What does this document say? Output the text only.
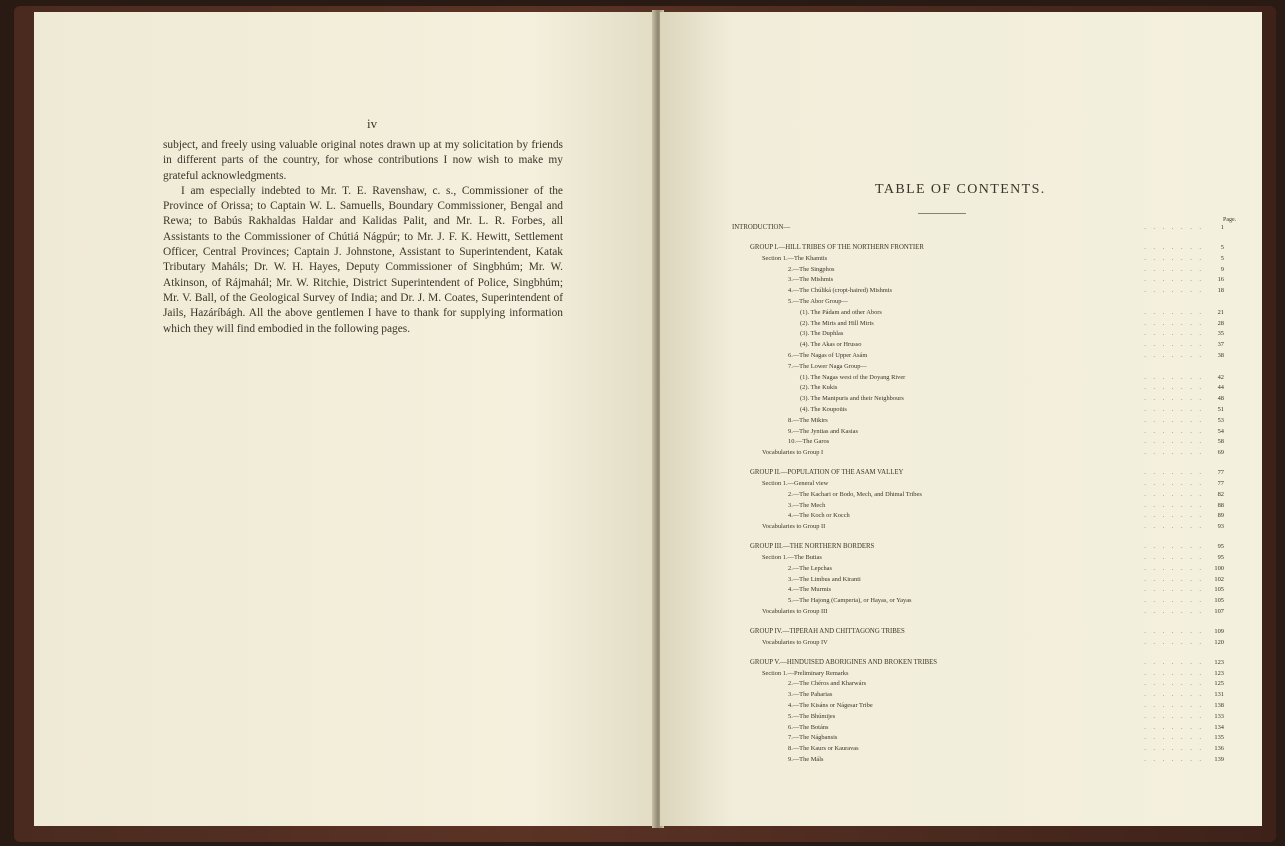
iv

subject, and freely using valuable original notes drawn up at my solicitation by friends in different parts of the country, for whose contributions I now wish to make my grateful acknowledgments.

I am especially indebted to Mr. T. E. Ravenshaw, c. s., Commissioner of the Province of Orissa; to Captain W. L. Samuells, Boundary Commissioner, Bengal and Rewa; to Babús Rakhaldas Haldar and Kalidas Palit, and Mr. L. R. Forbes, all Assistants to the Commissioner of Chútiá Nágpúr; to Mr. J. F. K. Hewitt, Settlement Officer, Central Provinces; Captain J. Johnstone, Assistant to Superintendent, Katak Tributary Maháls; Dr. W. H. Hayes, Deputy Commissioner of Singbhúm; Mr. W. Atkinson, of Rájmahál; Mr. W. Ritchie, District Superintendent of Police, Singbhúm; Mr. V. Ball, of the Geological Survey of India; and Dr. J. M. Coates, Superintendent of Jails, Hazáríbágh. All the above gentlemen I have to thank for supplying information which they will find embodied in the following pages.

TABLE OF CONTENTS.
Page.
INTRODUCTION—	. . . . . . .	1
GROUP I.—HILL TRIBES OF THE NORTHERN FRONTIER	. . . . . . .	5
Section 1.—The Khamtis	. . . . . . .	5
2.—The Singphos	. . . . . . .	9
3.—The Mishmis	. . . . . . .	16
4.—The Chúliká (cropt-haired) Mishmis	. . . . . . .	18
5.—The Abor Group—
(1). The Pádam and other Abors	. . . . . . .	21
(2). The Miris and Hill Miris	. . . . . . .	28
(3). The Duphlas	. . . . . . .	35
(4). The Akas or Hrusso	. . . . . . .	37
6.—The Nagas of Upper Asám	. . . . . . .	38
7.—The Lower Naga Group—
(1). The Nagas west of the Doyang River	. . . . . . .	42
(2). The Kukis	. . . . . . .	44
(3). The Manipuris and their Neighbours	. . . . . . .	48
(4). The Koupoüis	. . . . . . .	51
8.—The Mikirs	. . . . . . .	53
9.—The Jyntias and Kasias	. . . . . . .	54
10.—The Garos	. . . . . . .	58
Vocabularies to Group I	. . . . . . .	69
GROUP II.—POPULATION OF THE ASAM VALLEY	. . . . . . .	77
Section 1.—General view	. . . . . . .	77
2.—The Kachari or Bodo, Mech, and Dhimal Tribes	. . . . . . .	82
3.—The Mech	. . . . . . .	88
4.—The Koch or Kocch	. . . . . . .	89
Vocabularies to Group II	. . . . . . .	93
GROUP III.—THE NORTHERN BORDERS	. . . . . . .	95
Section 1.—The Butias	. . . . . . .	95
2.—The Lepchas	. . . . . . .	100
3.—The Limbus and Kiranti	. . . . . . .	102
4.—The Murmis	. . . . . . .	105
5.—The Hajong (Camperia), or Hayas, or Yayas	. . . . . . .	105
Vocabularies to Group III	. . . . . . .	107
GROUP IV.—TIPERAH AND CHITTAGONG TRIBES	. . . . . . .	109
Vocabularies to Group IV	. . . . . . .	120
GROUP V.—HINDUISED ABORIGINES AND BROKEN TRIBES	. . . . . . .	123
Section 1.—Preliminary Remarks	. . . . . . .	123
2.—The Chéros and Kharwárs	. . . . . . .	125
3.—The Paharias	. . . . . . .	131
4.—The Kisáns or Nágesar Tribe	. . . . . . .	138
5.—The Bhúmijes	. . . . . . .	133
6.—The Botáns	. . . . . . .	134
7.—The Nágbansis	. . . . . . .	135
8.—The Kaurs or Kauravas	. . . . . . .	136
9.—The Máls	. . . . . . .	139
